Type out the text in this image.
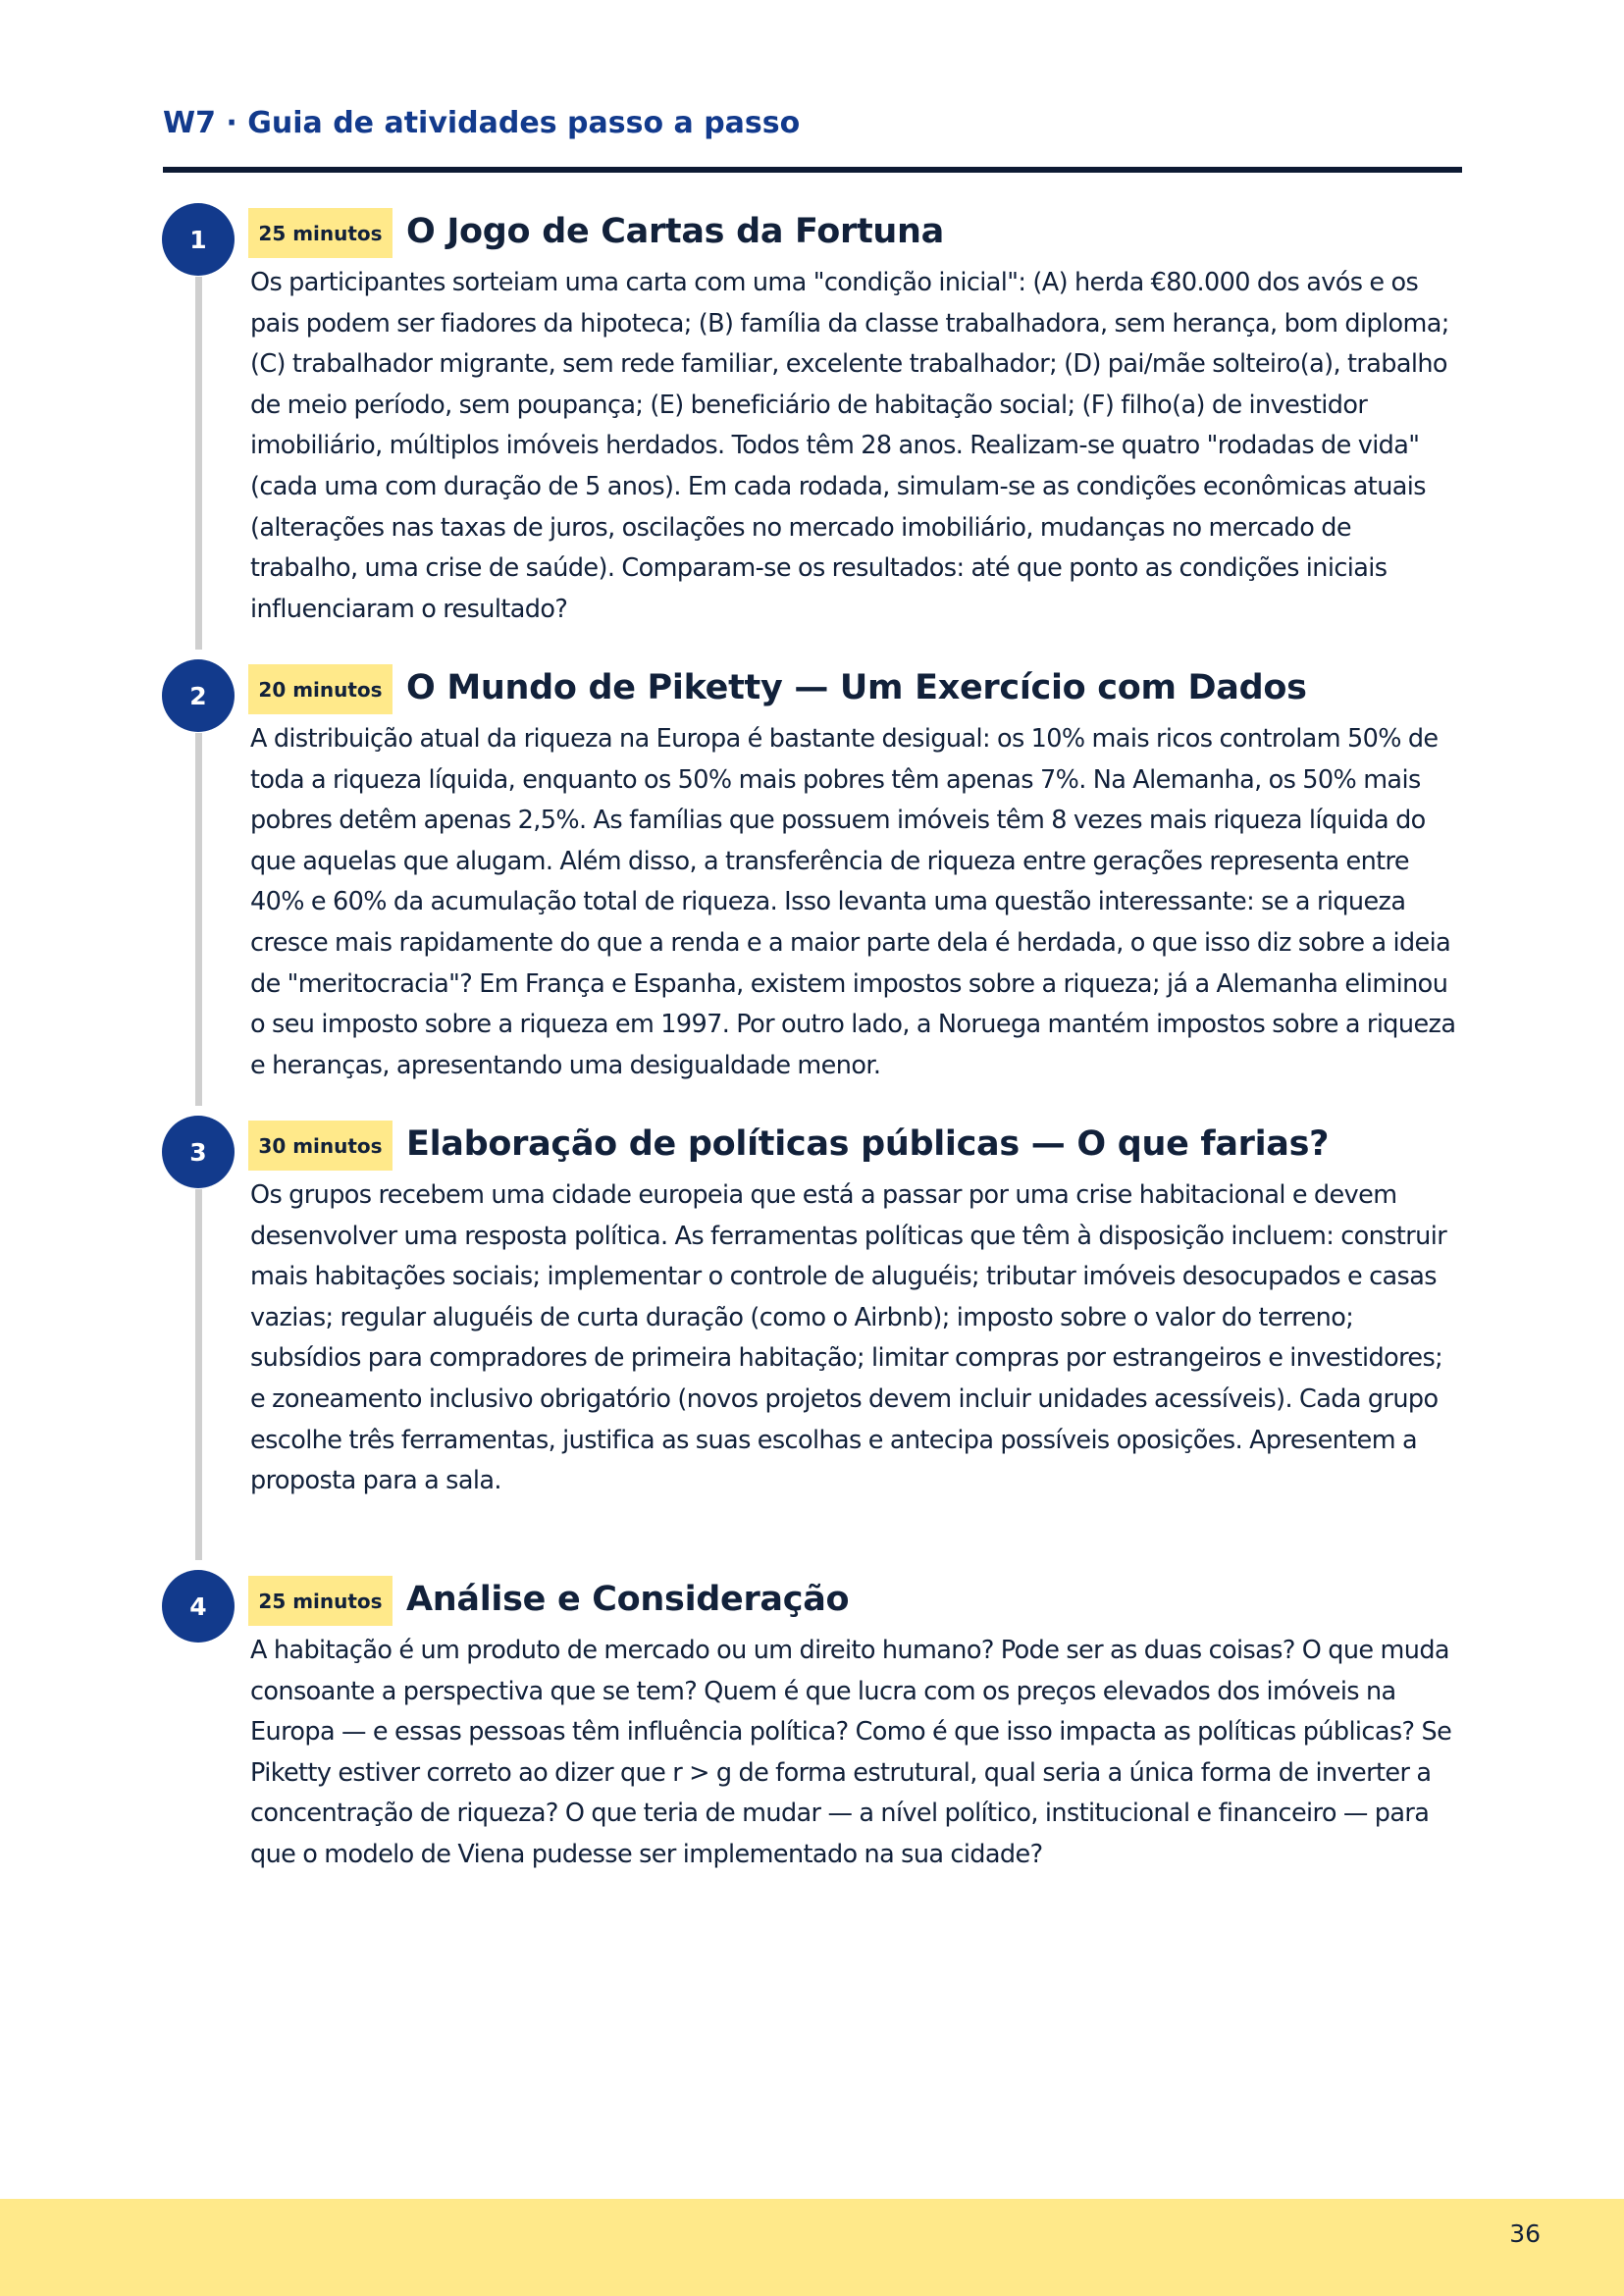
W7 · Guia de atividades passo a passo
1	25 minutos O Jogo de Cartas da Fortuna

Os participantes sorteiam uma carta com uma "condição inicial": (A) herda €80.000 dos avós e os pais podem ser fiadores da hipoteca; (B) família da classe trabalhadora, sem herança, bom diploma; (C) trabalhador migrante, sem rede familiar, excelente trabalhador; (D) pai/mãe solteiro(a), trabalho de meio período, sem poupança; (E) beneficiário de habitação social; (F) filho(a) de investidor imobiliário, múltiplos imóveis herdados. Todos têm 28 anos. Realizam-se quatro "rodadas de vida" (cada uma com duração de 5 anos). Em cada rodada, simulam-se as condições econômicas atuais (alterações nas taxas de juros, oscilações no mercado imobiliário, mudanças no mercado de trabalho, uma crise de saúde). Comparam-se os resultados: até que ponto as condições iniciais influenciaram o resultado?

2	20 minutos O Mundo de Piketty — Um Exercício com Dados

A distribuição atual da riqueza na Europa é bastante desigual: os 10% mais ricos controlam 50% de toda a riqueza líquida, enquanto os 50% mais pobres têm apenas 7%. Na Alemanha, os 50% mais pobres detêm apenas 2,5%. As famílias que possuem imóveis têm 8 vezes mais riqueza líquida do que aquelas que alugam. Além disso, a transferência de riqueza entre gerações representa entre 40% e 60% da acumulação total de riqueza. Isso levanta uma questão interessante: se a riqueza cresce mais rapidamente do que a renda e a maior parte dela é herdada, o que isso diz sobre a ideia de "meritocracia"? Em França e Espanha, existem impostos sobre a riqueza; já a Alemanha eliminou o seu imposto sobre a riqueza em 1997. Por outro lado, a Noruega mantém impostos sobre a riqueza e heranças, apresentando uma desigualdade menor.

3	30 minutos Elaboração de políticas públicas — O que farias?

Os grupos recebem uma cidade europeia que está a passar por uma crise habitacional e devem desenvolver uma resposta política. As ferramentas políticas que têm à disposição incluem: construir mais habitações sociais; implementar o controle de aluguéis; tributar imóveis desocupados e casas vazias; regular aluguéis de curta duração (como o Airbnb); imposto sobre o valor do terreno; subsídios para compradores de primeira habitação; limitar compras por estrangeiros e investidores; e zoneamento inclusivo obrigatório (novos projetos devem incluir unidades acessíveis). Cada grupo escolhe três ferramentas, justifica as suas escolhas e antecipa possíveis oposições. Apresentem a proposta para a sala.

4	25 minutos Análise e Consideração

A habitação é um produto de mercado ou um direito humano? Pode ser as duas coisas? O que muda consoante a perspectiva que se tem? Quem é que lucra com os preços elevados dos imóveis na Europa — e essas pessoas têm influência política? Como é que isso impacta as políticas públicas? Se Piketty estiver correto ao dizer que r > g de forma estrutural, qual seria a única forma de inverter a concentração de riqueza? O que teria de mudar — a nível político, institucional e financeiro — para que o modelo de Viena pudesse ser implementado na sua cidade?

36
